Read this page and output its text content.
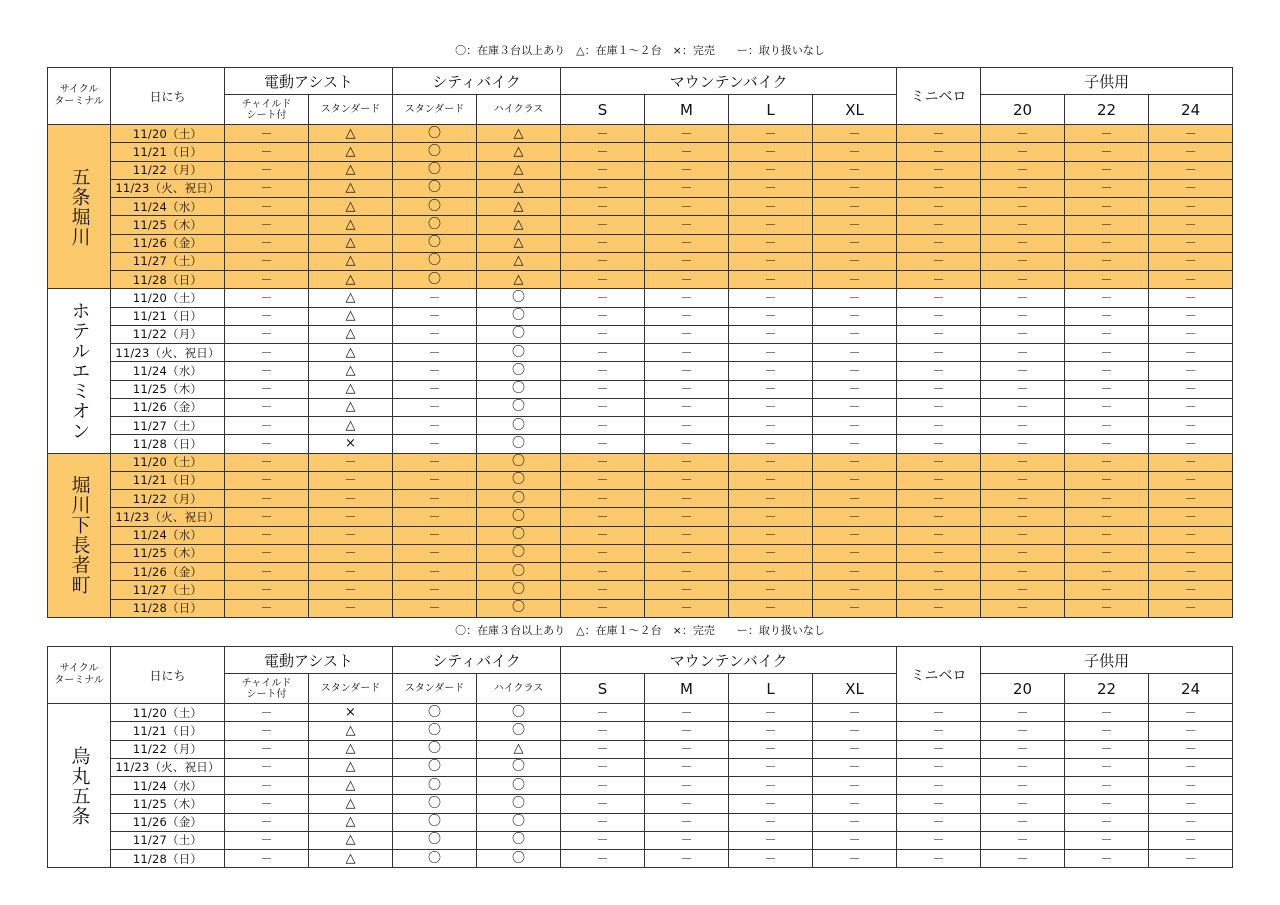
〇：在庫３台以上あり　△：在庫１～２台　×：完売　　ー：取り扱いなし
サイクル
ターミナル	日にち	電動アシスト		シティバイク		マウンテンバイク				ミニベロ	子供用		
		チャイルド
シート付	スタンダード	スタンダード	ハイクラス	S	M	L	XL		20	22	24

五条堀川	11/20（土）	－	△	〇	△	－	－	－	－	－	－	－	－
	11/21（日）	－	△	〇	△	－	－	－	－	－	－	－	－
	11/22（月）	－	△	〇	△	－	－	－	－	－	－	－	－
	11/23（火、祝日）	－	△	〇	△	－	－	－	－	－	－	－	－
	11/24（水）	－	△	〇	△	－	－	－	－	－	－	－	－
	11/25（木）	－	△	〇	△	－	－	－	－	－	－	－	－
	11/26（金）	－	△	〇	△	－	－	－	－	－	－	－	－
	11/27（土）	－	△	〇	△	－	－	－	－	－	－	－	－
	11/28（日）	－	△	〇	△	－	－	－	－	－	－	－	－

ホテルエミオン	11/20（土）	－	△	－	〇	－	－	－	－	－	－	－	－
	11/21（日）	－	△	－	〇	－	－	－	－	－	－	－	－
	11/22（月）	－	△	－	〇	－	－	－	－	－	－	－	－
	11/23（火、祝日）	－	△	－	〇	－	－	－	－	－	－	－	－
	11/24（水）	－	△	－	〇	－	－	－	－	－	－	－	－
	11/25（木）	－	△	－	〇	－	－	－	－	－	－	－	－
	11/26（金）	－	△	－	〇	－	－	－	－	－	－	－	－
	11/27（土）	－	△	－	〇	－	－	－	－	－	－	－	－
	11/28（日）	－	×	－	〇	－	－	－	－	－	－	－	－

堀川下長者町	11/20（土）	－	－	－	〇	－	－	－	－	－	－	－	－
	11/21（日）	－	－	－	〇	－	－	－	－	－	－	－	－
	11/22（月）	－	－	－	〇	－	－	－	－	－	－	－	－
	11/23（火、祝日）	－	－	－	〇	－	－	－	－	－	－	－	－
	11/24（水）	－	－	－	〇	－	－	－	－	－	－	－	－
	11/25（木）	－	－	－	〇	－	－	－	－	－	－	－	－
	11/26（金）	－	－	－	〇	－	－	－	－	－	－	－	－
	11/27（土）	－	－	－	〇	－	－	－	－	－	－	－	－
	11/28（日）	－	－	－	〇	－	－	－	－	－	－	－	－
〇：在庫３台以上あり　△：在庫１～２台　×：完売　　ー：取り扱いなし
サイクル
ターミナル	日にち	電動アシスト		シティバイク		マウンテンバイク				ミニベロ	子供用		
		チャイルド
シート付	スタンダード	スタンダード	ハイクラス	S	M	L	XL		20	22	24

烏丸五条	11/20（土）	－	×	〇	〇	－	－	－	－	－	－	－	－
	11/21（日）	－	△	〇	〇	－	－	－	－	－	－	－	－
	11/22（月）	－	△	〇	△	－	－	－	－	－	－	－	－
	11/23（火、祝日）	－	△	〇	〇	－	－	－	－	－	－	－	－
	11/24（水）	－	△	〇	〇	－	－	－	－	－	－	－	－
	11/25（木）	－	△	〇	〇	－	－	－	－	－	－	－	－
	11/26（金）	－	△	〇	〇	－	－	－	－	－	－	－	－
	11/27（土）	－	△	〇	〇	－	－	－	－	－	－	－	－
	11/28（日）	－	△	〇	〇	－	－	－	－	－	－	－	－
